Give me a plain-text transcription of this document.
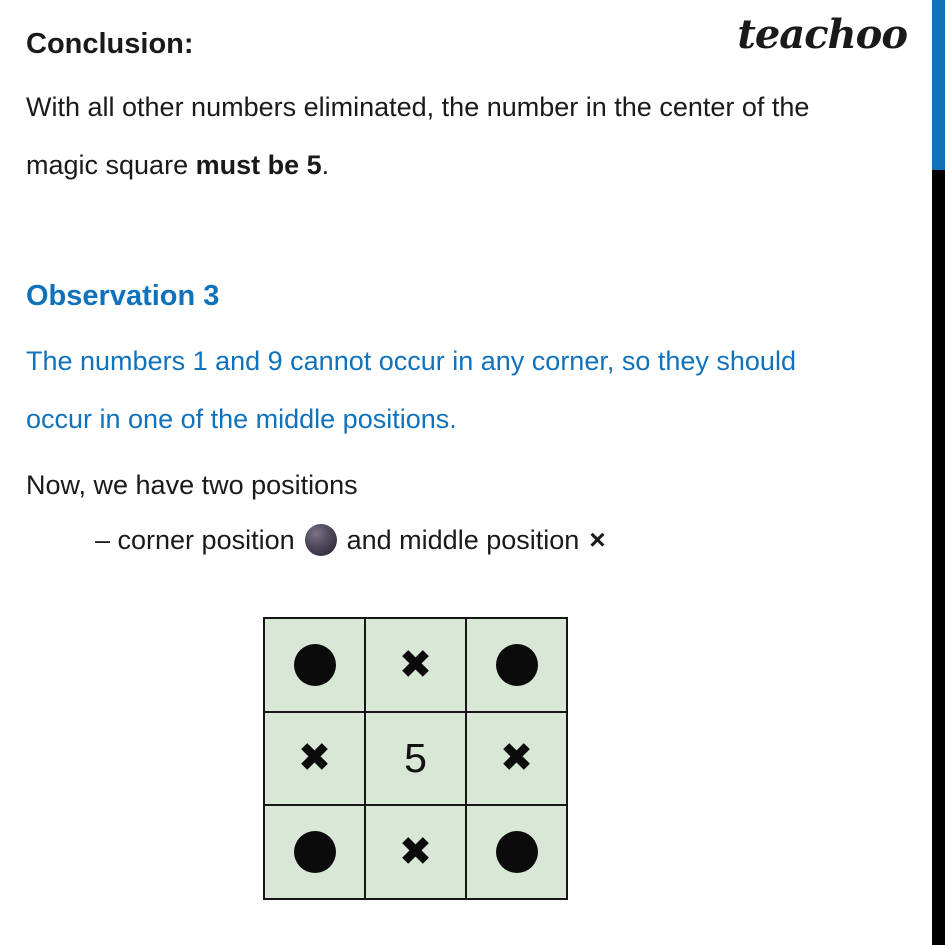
Conclusion:	teachoo
With all other numbers eliminated, the number in the center of the
magic square must be 5.
Observation 3
The numbers 1 and 9 cannot occur in any corner, so they should
occur in one of the middle positions.
Now, we have two positions
– corner position and middle position ×
✖
✖ 5 ✖
✖
